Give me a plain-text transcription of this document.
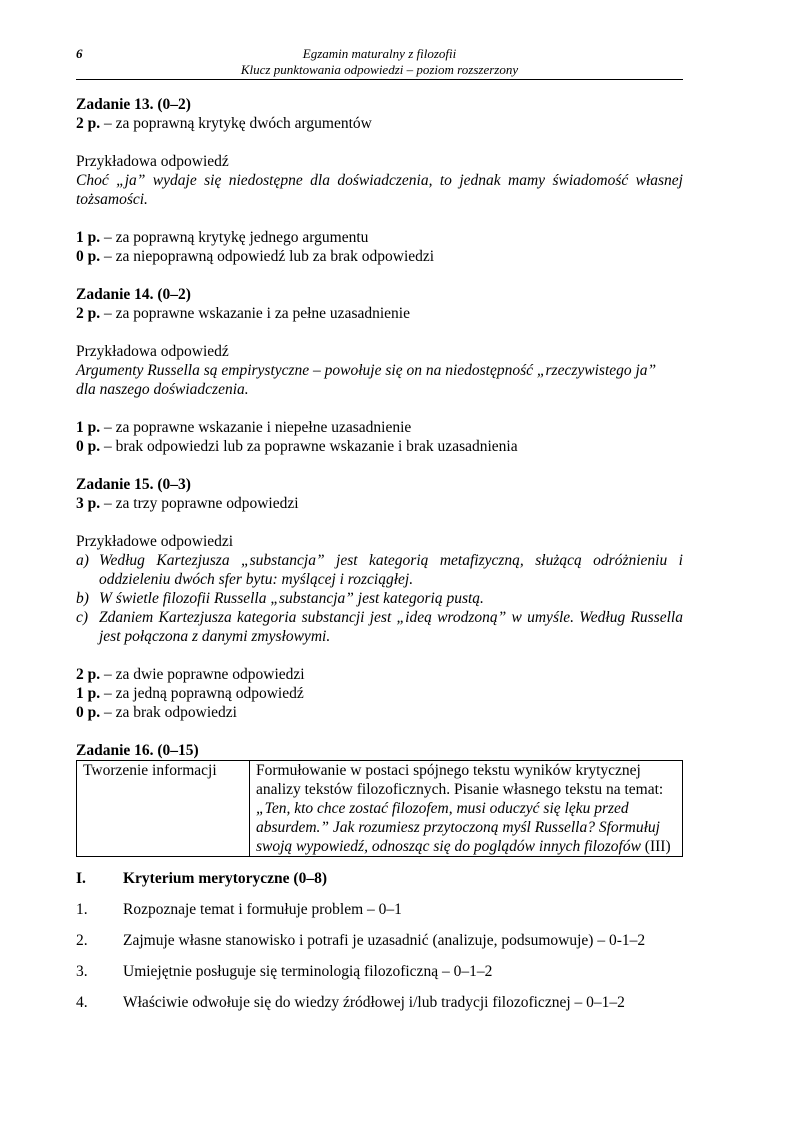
6	Egzamin maturalny z filozofii
Klucz punktowania odpowiedzi – poziom rozszerzony

Zadanie 13. (0–2)

2 p. – za poprawną krytykę dwóch argumentów

Przykładowa odpowiedź

Choć „ja” wydaje się niedostępne dla doświadczenia, to jednak mamy świadomość własnej tożsamości.

1 p. – za poprawną krytykę jednego argumentu

0 p. – za niepoprawną odpowiedź lub za brak odpowiedzi

Zadanie 14. (0–2)

2 p. – za poprawne wskazanie i za pełne uzasadnienie

Przykładowa odpowiedź

Argumenty Russella są empirystyczne – powołuje się on na niedostępność „rzeczywistego ja”

dla naszego doświadczenia.

1 p. – za poprawne wskazanie i niepełne uzasadnienie

0 p. – brak odpowiedzi lub za poprawne wskazanie i brak uzasadnienia

Zadanie 15. (0–3)

3 p. – za trzy poprawne odpowiedzi

Przykładowe odpowiedzi

a) Według Kartezjusza „substancja” jest kategorią metafizyczną, służącą odróżnieniu i oddzieleniu dwóch sfer bytu: myślącej i rozciągłej.
b) W świetle filozofii Russella „substancja” jest kategorią pustą.
c) Zdaniem Kartezjusza kategoria substancji jest „ideą wrodzoną” w umyśle. Według Russella jest połączona z danymi zmysłowymi.

2 p. – za dwie poprawne odpowiedzi

1 p. – za jedną poprawną odpowiedź

0 p. – za brak odpowiedzi

Zadanie 16. (0–15)

Tworzenie informacji	Formułowanie w postaci spójnego tekstu wyników krytycznej analizy tekstów filozoficznych. Pisanie własnego tekstu na temat: „Ten, kto chce zostać filozofem, musi oduczyć się lęku przed absurdem.” Jak rozumiesz przytoczoną myśl Russella? Sformułuj swoją wypowiedź, odnosząc się do poglądów innych filozofów (III)
I.	Kryterium merytoryczne (0–8)
1.	Rozpoznaje temat i formułuje problem – 0–1
2.	Zajmuje własne stanowisko i potrafi je uzasadnić (analizuje, podsumowuje) – 0-1–2
3.	Umiejętnie posługuje się terminologią filozoficzną – 0–1–2
4.	Właściwie odwołuje się do wiedzy źródłowej i/lub tradycji filozoficznej – 0–1–2
